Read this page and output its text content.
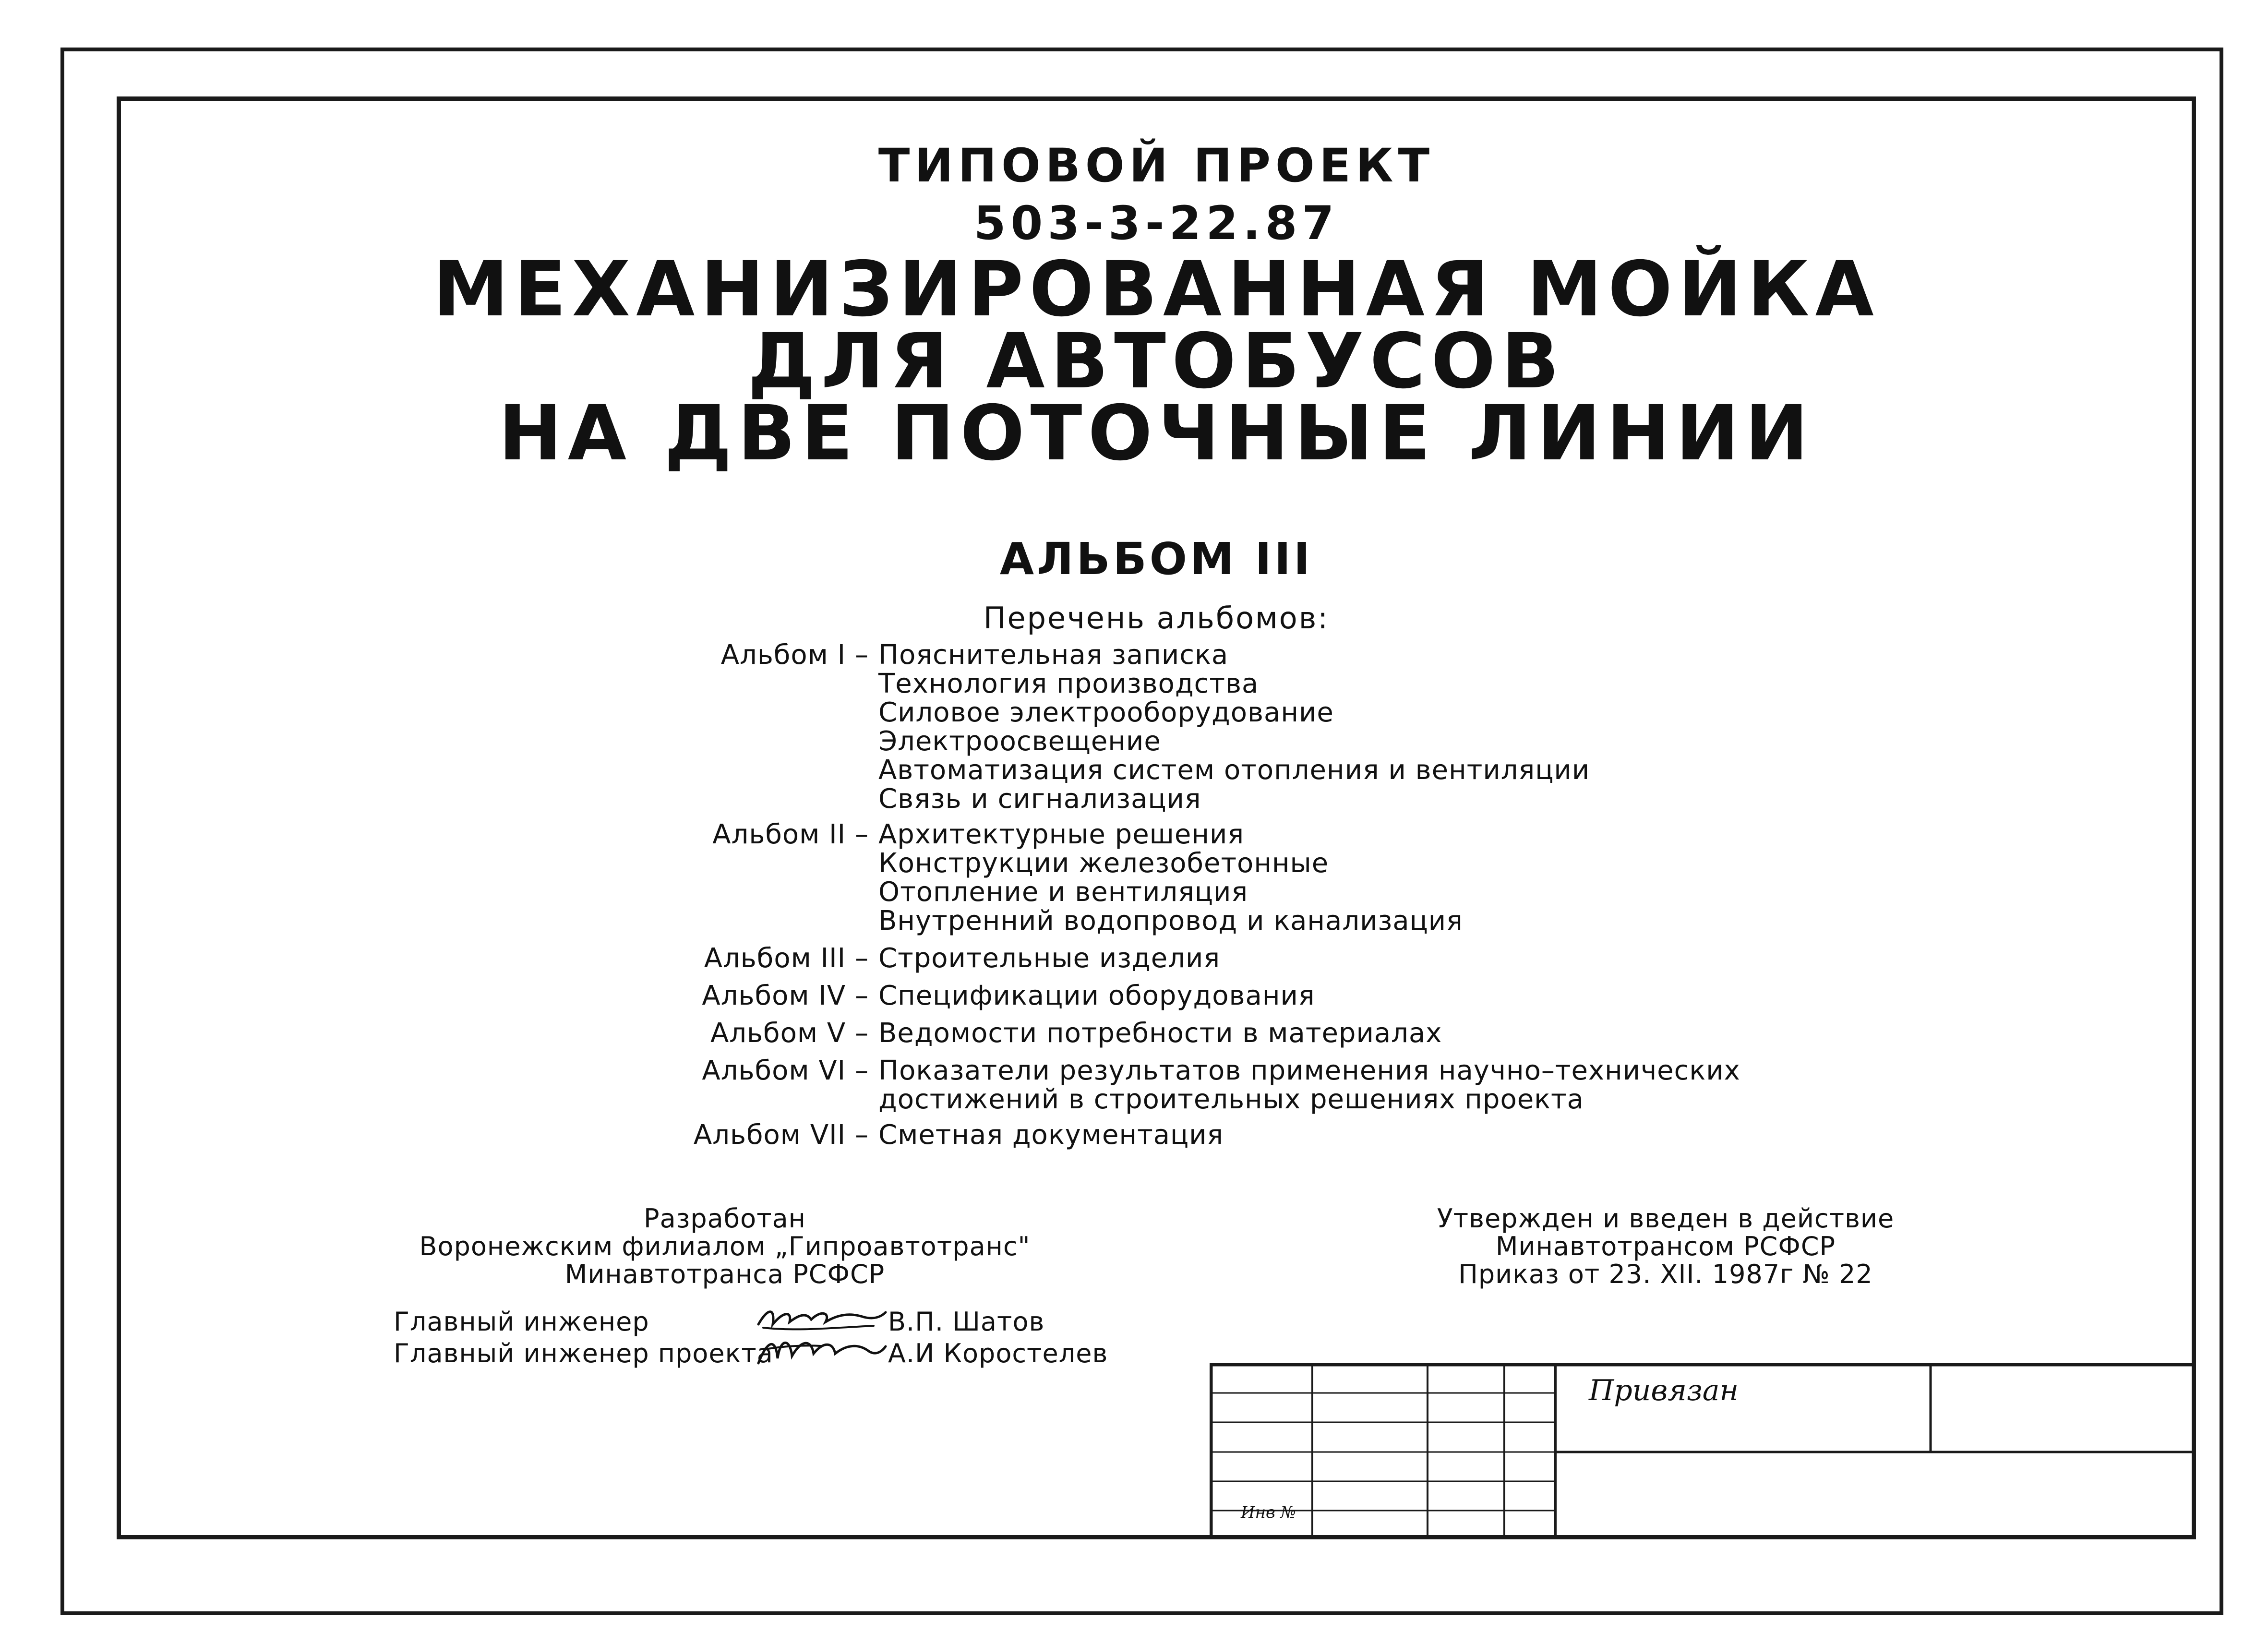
ТИПОВОЙ ПРОЕКТ
503-3-22.87
МЕХАНИЗИРОВАННАЯ МОЙКА
ДЛЯ АВТОБУСОВ
НА ДВЕ ПОТОЧНЫЕ ЛИНИИ
АЛЬБОМ III
Перечень альбомов:
Альбом I – Пояснительная записка
Технология производства
Силовое электрооборудование
Электроосвещение
Автоматизация систем отопления и вентиляции
Связь и сигнализация
Альбом II – Архитектурные решения
Конструкции железобетонные
Отопление и вентиляция
Внутренний водопровод и канализация
Альбом III – Строительные изделия
Альбом IV – Спецификации оборудования
Альбом V – Ведомости потребности в материалах
Альбом VI – Показатели результатов применения научно–технических
достижений в строительных решениях проекта
Альбом VII – Сметная документация
Разработан
Воронежским филиалом „Гипроавтотранс"
Минавтотранса РСФСР
Главный инженер	В.П. Шатов
Главный инженер проекта	А.И Коростелев
Утвержден и введен в действие
Минавтотрансом РСФСР
Приказ от 23. XII. 1987г № 22
Привязан
Инв №
